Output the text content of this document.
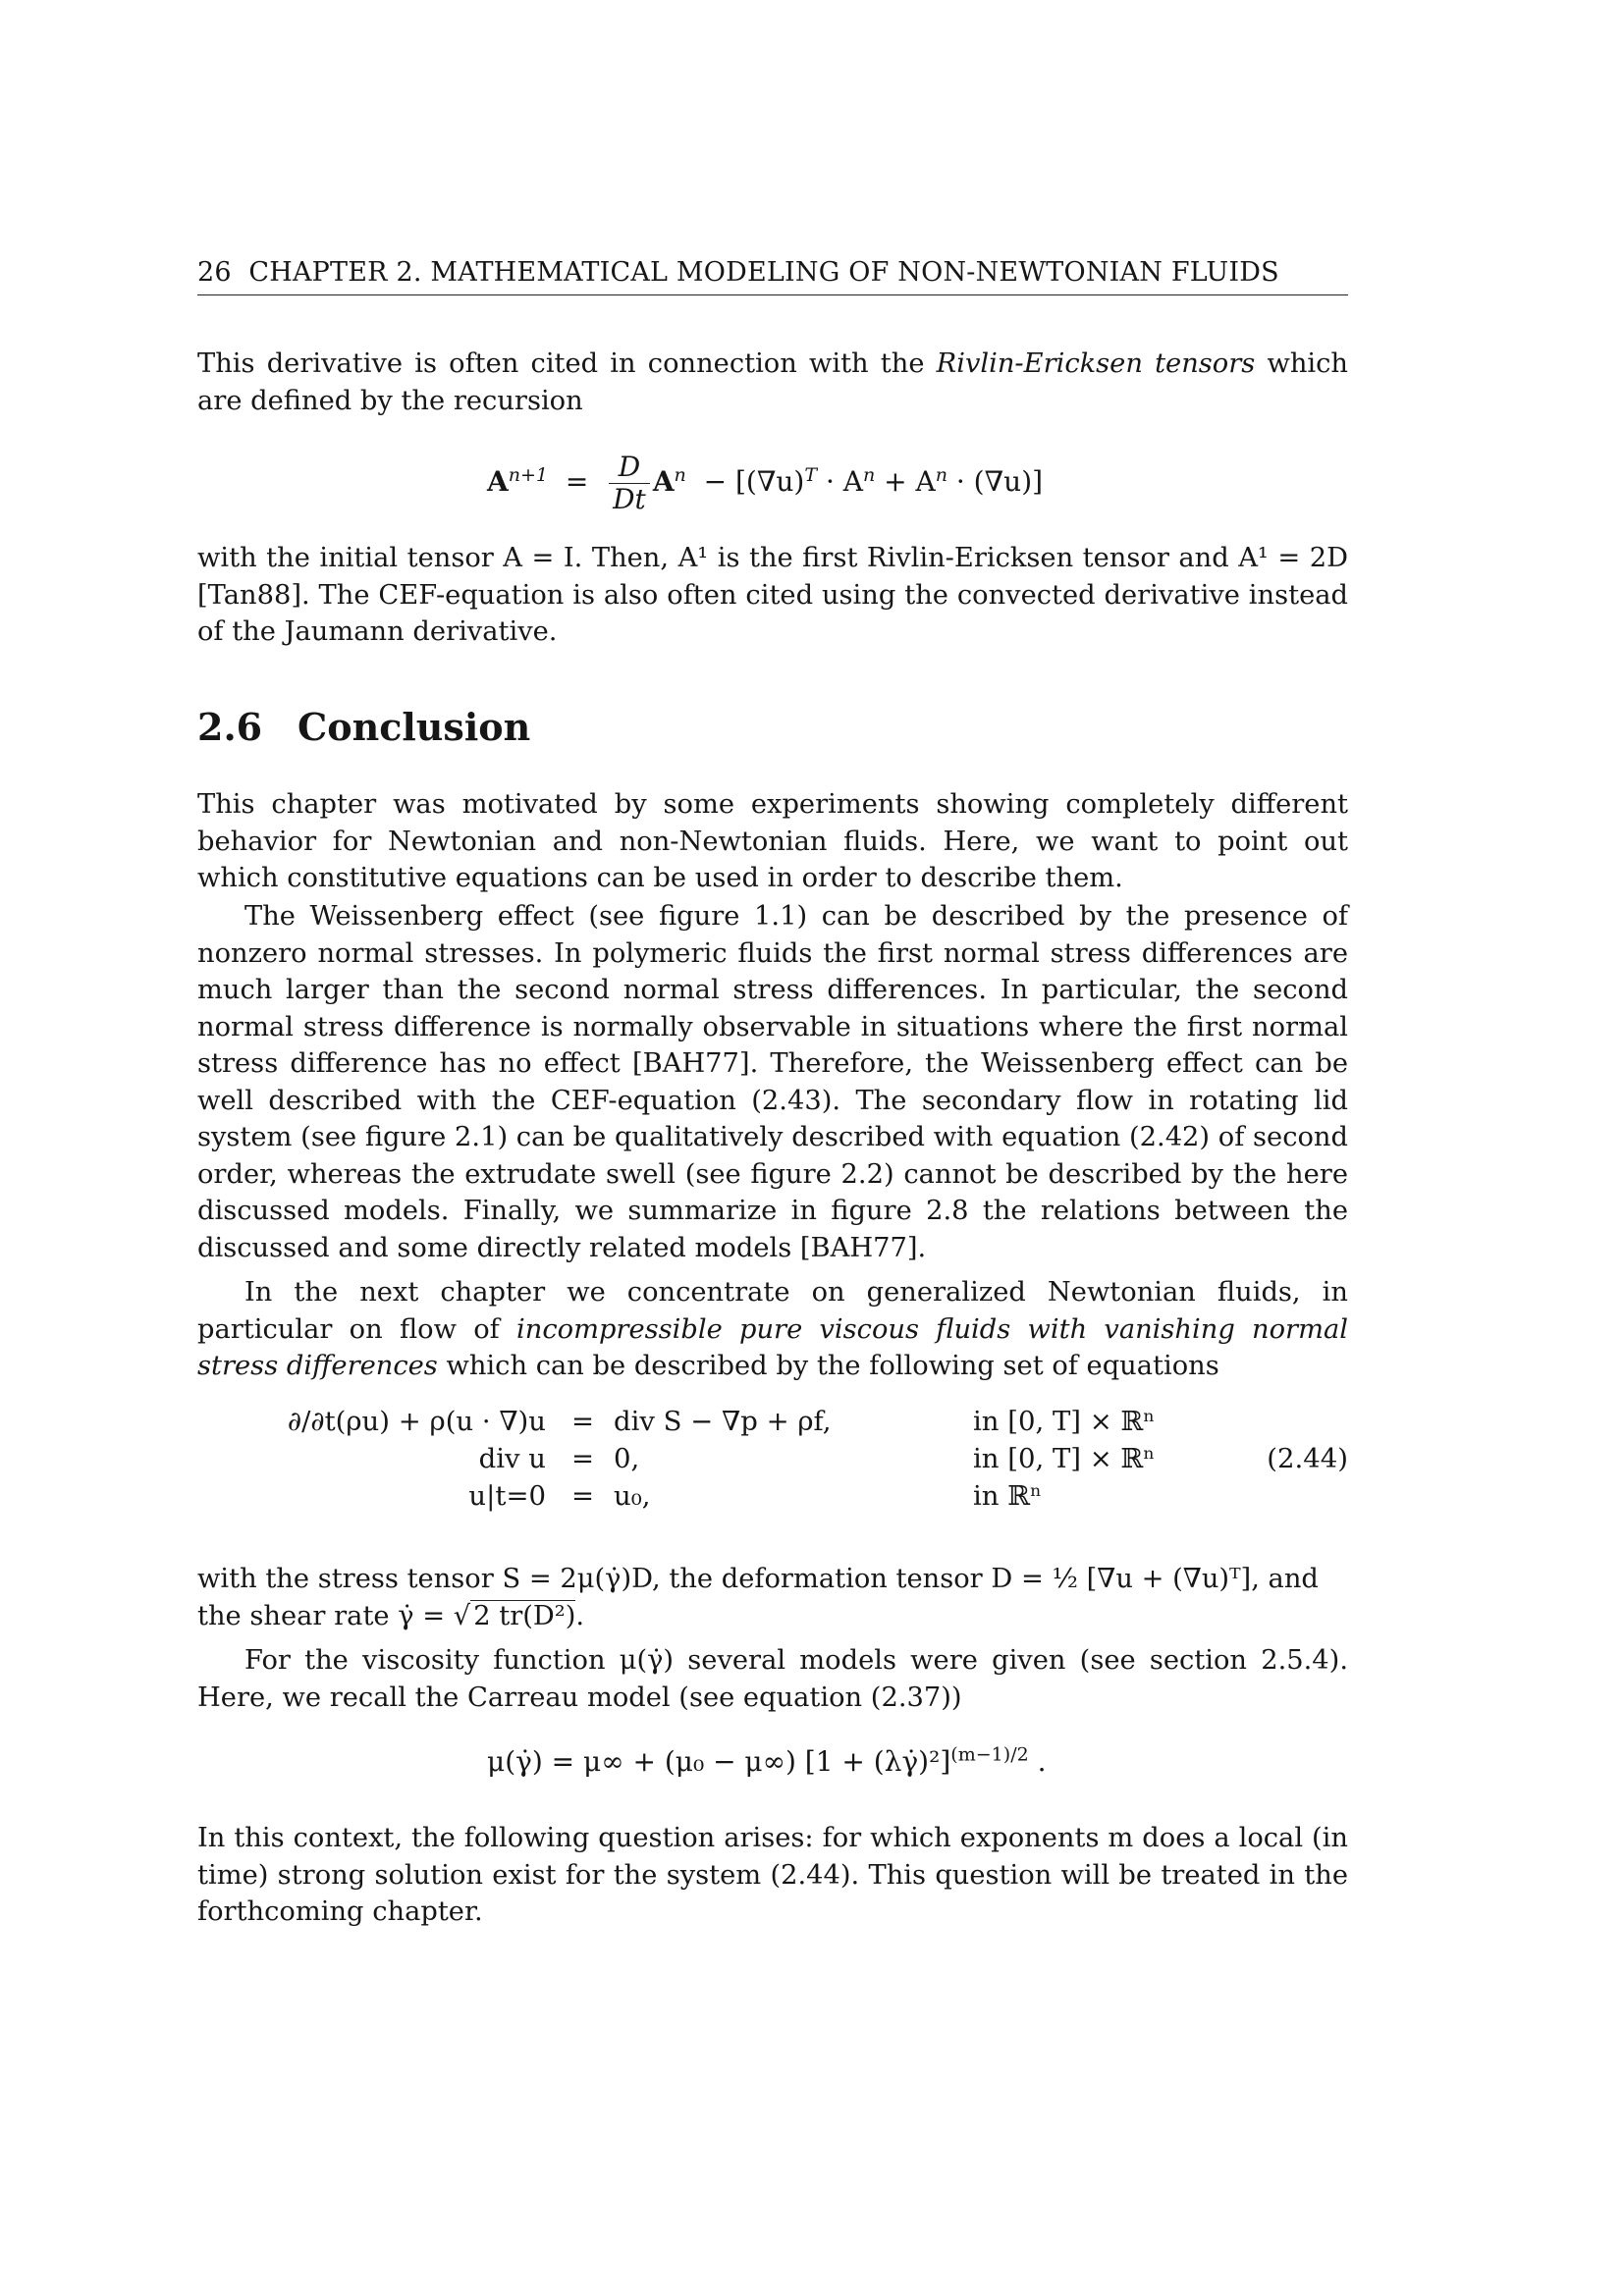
26 CHAPTER 2. MATHEMATICAL MODELING OF NON-NEWTONIAN FLUIDS
This derivative is often cited in connection with the Rivlin-Ericksen tensors which are defined by the recursion
$A^{n+1} = \frac{D}{Dt} A^n - [(\nabla u)^T \cdot A^n + A^n \cdot (\nabla u)]$
with the initial tensor A = I. Then, A¹ is the first Rivlin-Ericksen tensor and A¹ = 2D [Tan88]. The CEF-equation is also often cited using the convected derivative instead of the Jaumann derivative.
2.6 Conclusion
This chapter was motivated by some experiments showing completely different behavior for Newtonian and non-Newtonian fluids. Here, we want to point out which constitutive equations can be used in order to describe them.
The Weissenberg effect (see figure 1.1) can be described by the presence of nonzero normal stresses. In polymeric fluids the first normal stress differences are much larger than the second normal stress differences. In particular, the second normal stress difference is normally observable in situations where the first normal stress difference has no effect [BAH77]. Therefore, the Weissenberg effect can be well described with the CEF-equation (2.43). The secondary flow in rotating lid system (see figure 2.1) can be qualitatively described with equation (2.42) of second order, whereas the extrudate swell (see figure 2.2) cannot be described by the here discussed models. Finally, we summarize in figure 2.8 the relations between the discussed and some directly related models [BAH77].
In the next chapter we concentrate on generalized Newtonian fluids, in particular on flow of incompressible pure viscous fluids with vanishing normal stress differences which can be described by the following set of equations
∂/∂t(ρu) + ρ(u · ∇)u = div S − ∇p + ρf,	in [0, T] × ℝⁿ
div u = 0,	in [0, T] × ℝⁿ
u|t=0 = u₀,	in ℝⁿ
(2.44)
with the stress tensor S = 2μ(γ̇)D, the deformation tensor D = ½ [∇u + (∇u)ᵀ], and
the shear rate γ̇ = √ 2 tr(D²).
For the viscosity function μ(γ̇) several models were given (see section 2.5.4). Here, we recall the Carreau model (see equation (2.37))
μ(γ̇) = μ∞ + (μ₀ − μ∞) [1 + (λγ̇)²]$^{(m-1)/2}$ .
In this context, the following question arises: for which exponents m does a local (in time) strong solution exist for the system (2.44). This question will be treated in the forthcoming chapter.
